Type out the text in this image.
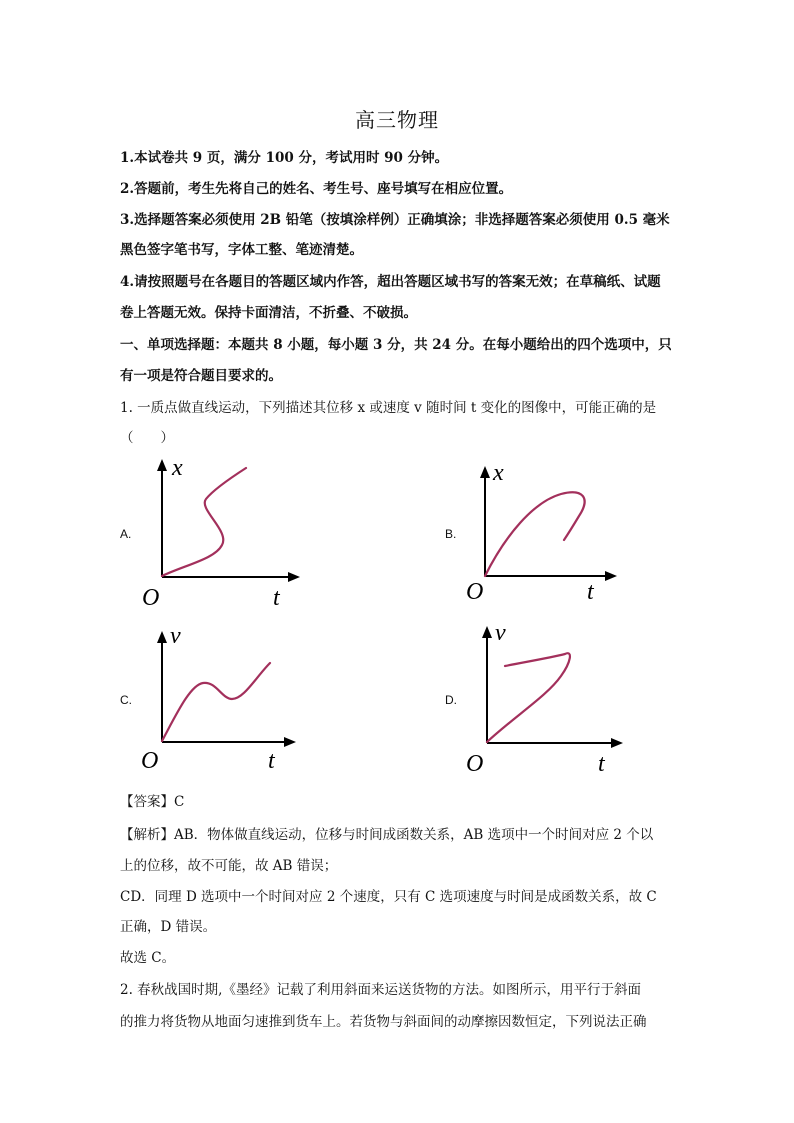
高三物理
1.本试卷共 9 页，满分 100 分，考试用时 90 分钟。
2.答题前，考生先将自己的姓名、考生号、座号填写在相应位置。
3.选择题答案必须使用 2B 铅笔（按填涂样例）正确填涂；非选择题答案必须使用 0.5 毫米
黑色签字笔书写，字体工整、笔迹清楚。
4.请按照题号在各题目的答题区域内作答，超出答题区域书写的答案无效；在草稿纸、试题
卷上答题无效。保持卡面清洁，不折叠、不破损。
一、单项选择题：本题共 8 小题，每小题 3 分，共 24 分。在每小题给出的四个选项中，只
有一项是符合题目要求的。
1. 一质点做直线运动，下列描述其位移 x 或速度 v 随时间 t 变化的图像中，可能正确的是
（　　）
A.
x
t
O
B.
x
t
O
C.
v
t
O
D.
v
t
O
【答案】C
【解析】AB．物体做直线运动，位移与时间成函数关系，AB 选项中一个时间对应 2 个以
上的位移，故不可能，故 AB 错误；
CD．同理 D 选项中一个时间对应 2 个速度，只有 C 选项速度与时间是成函数关系，故 C
正确，D 错误。
故选 C。
2. 春秋战国时期,《墨经》记载了利用斜面来运送货物的方法。如图所示，用平行于斜面
的推力将货物从地面匀速推到货车上。若货物与斜面间的动摩擦因数恒定，下列说法正确
